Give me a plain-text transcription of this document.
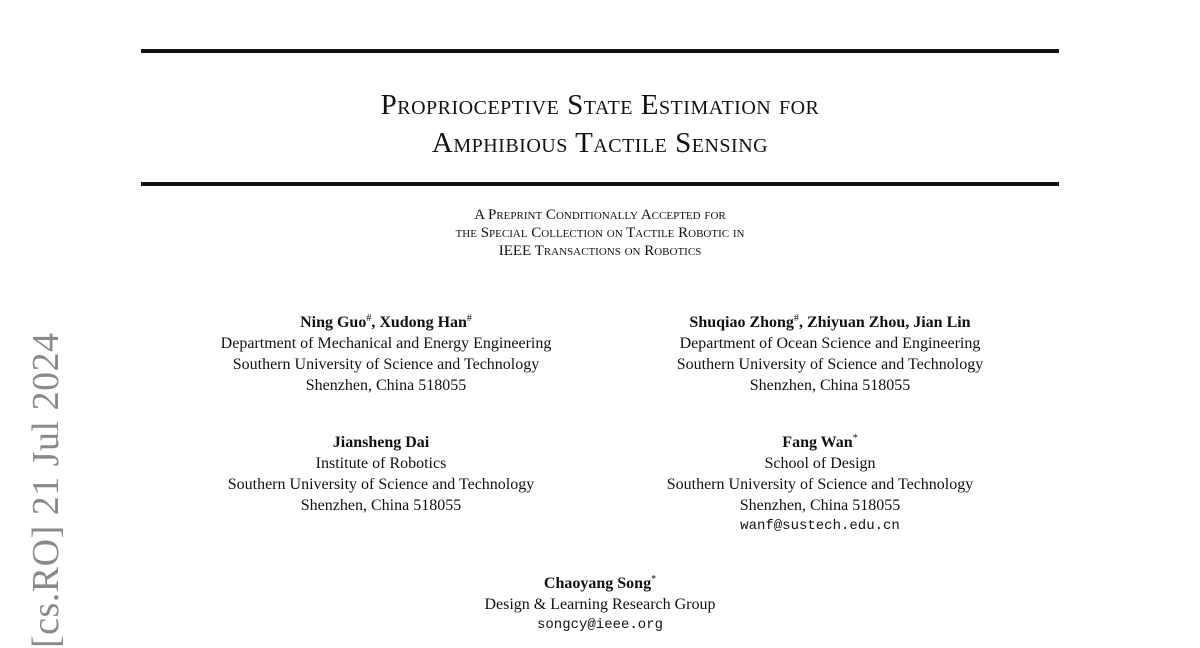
Proprioceptive State Estimation for
Amphibious Tactile Sensing
A Preprint Conditionally Accepted for
the Special Collection on Tactile Robotic in
IEEE Transactions on Robotics
Ning Guo#, Xudong Han#
Department of Mechanical and Energy Engineering
Southern University of Science and Technology
Shenzhen, China 518055
Shuqiao Zhong#, Zhiyuan Zhou, Jian Lin
Department of Ocean Science and Engineering
Southern University of Science and Technology
Shenzhen, China 518055
Jiansheng Dai
Institute of Robotics
Southern University of Science and Technology
Shenzhen, China 518055
Fang Wan*
School of Design
Southern University of Science and Technology
Shenzhen, China 518055
wanf@sustech.edu.cn
Chaoyang Song*
Design & Learning Research Group
songcy@ieee.org
[cs.RO] 21 Jul 2024
